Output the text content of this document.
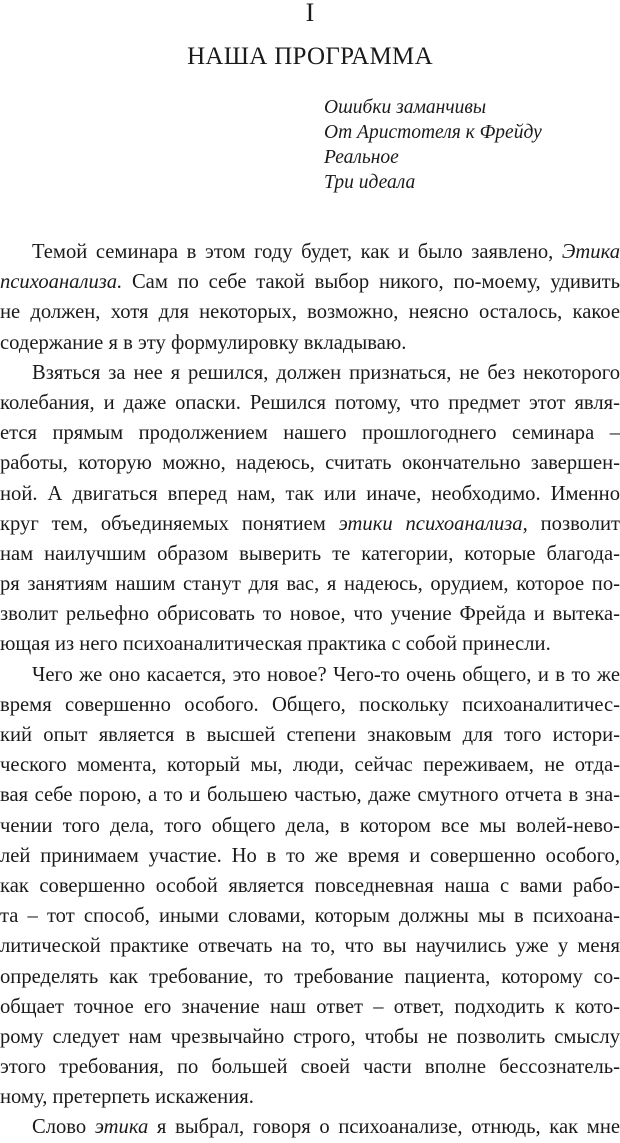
I
НАША ПРОГРАММА
Ошибки заманчивы
От Аристотеля к Фрейду
Реальное
Три идеала
Темой семинара в этом году будет, как и было заявлено, Этика
психоанализа. Сам по себе такой выбор никого, по-моему, удивить
не должен, хотя для некоторых, возможно, неясно осталось, какое
содержание я в эту формулировку вкладываю.
Взяться за нее я решился, должен признаться, не без некоторого
колебания, и даже опаски. Решился потому, что предмет этот явля-
ется прямым продолжением нашего прошлогоднего семинара –
работы, которую можно, надеюсь, считать окончательно завершен-
ной. А двигаться вперед нам, так или иначе, необходимо. Именно
круг тем, объединяемых понятием этики психоанализа, позволит
нам наилучшим образом выверить те категории, которые благода-
ря занятиям нашим станут для вас, я надеюсь, орудием, которое по-
зволит рельефно обрисовать то новое, что учение Фрейда и вытека-
ющая из него психоаналитическая практика с собой принесли.
Чего же оно касается, это новое? Чего-то очень общего, и в то же
время совершенно особого. Общего, поскольку психоаналитичес-
кий опыт является в высшей степени знаковым для того истори-
ческого момента, который мы, люди, сейчас переживаем, не отда-
вая себе порою, а то и большею частью, даже смутного отчета в зна-
чении того дела, того общего дела, в котором все мы волей-нево-
лей принимаем участие. Но в то же время и совершенно особого,
как совершенно особой является повседневная наша с вами рабо-
та – тот способ, иными словами, которым должны мы в психоана-
литической практике отвечать на то, что вы научились уже у меня
определять как требование, то требование пациента, которому со-
общает точное его значение наш ответ – ответ, подходить к кото-
рому следует нам чрезвычайно строго, чтобы не позволить смыслу
этого требования, по большей своей части вполне бессознатель-
ному, претерпеть искажения.
Слово этика я выбрал, говоря о психоанализе, отнюдь, как мне
